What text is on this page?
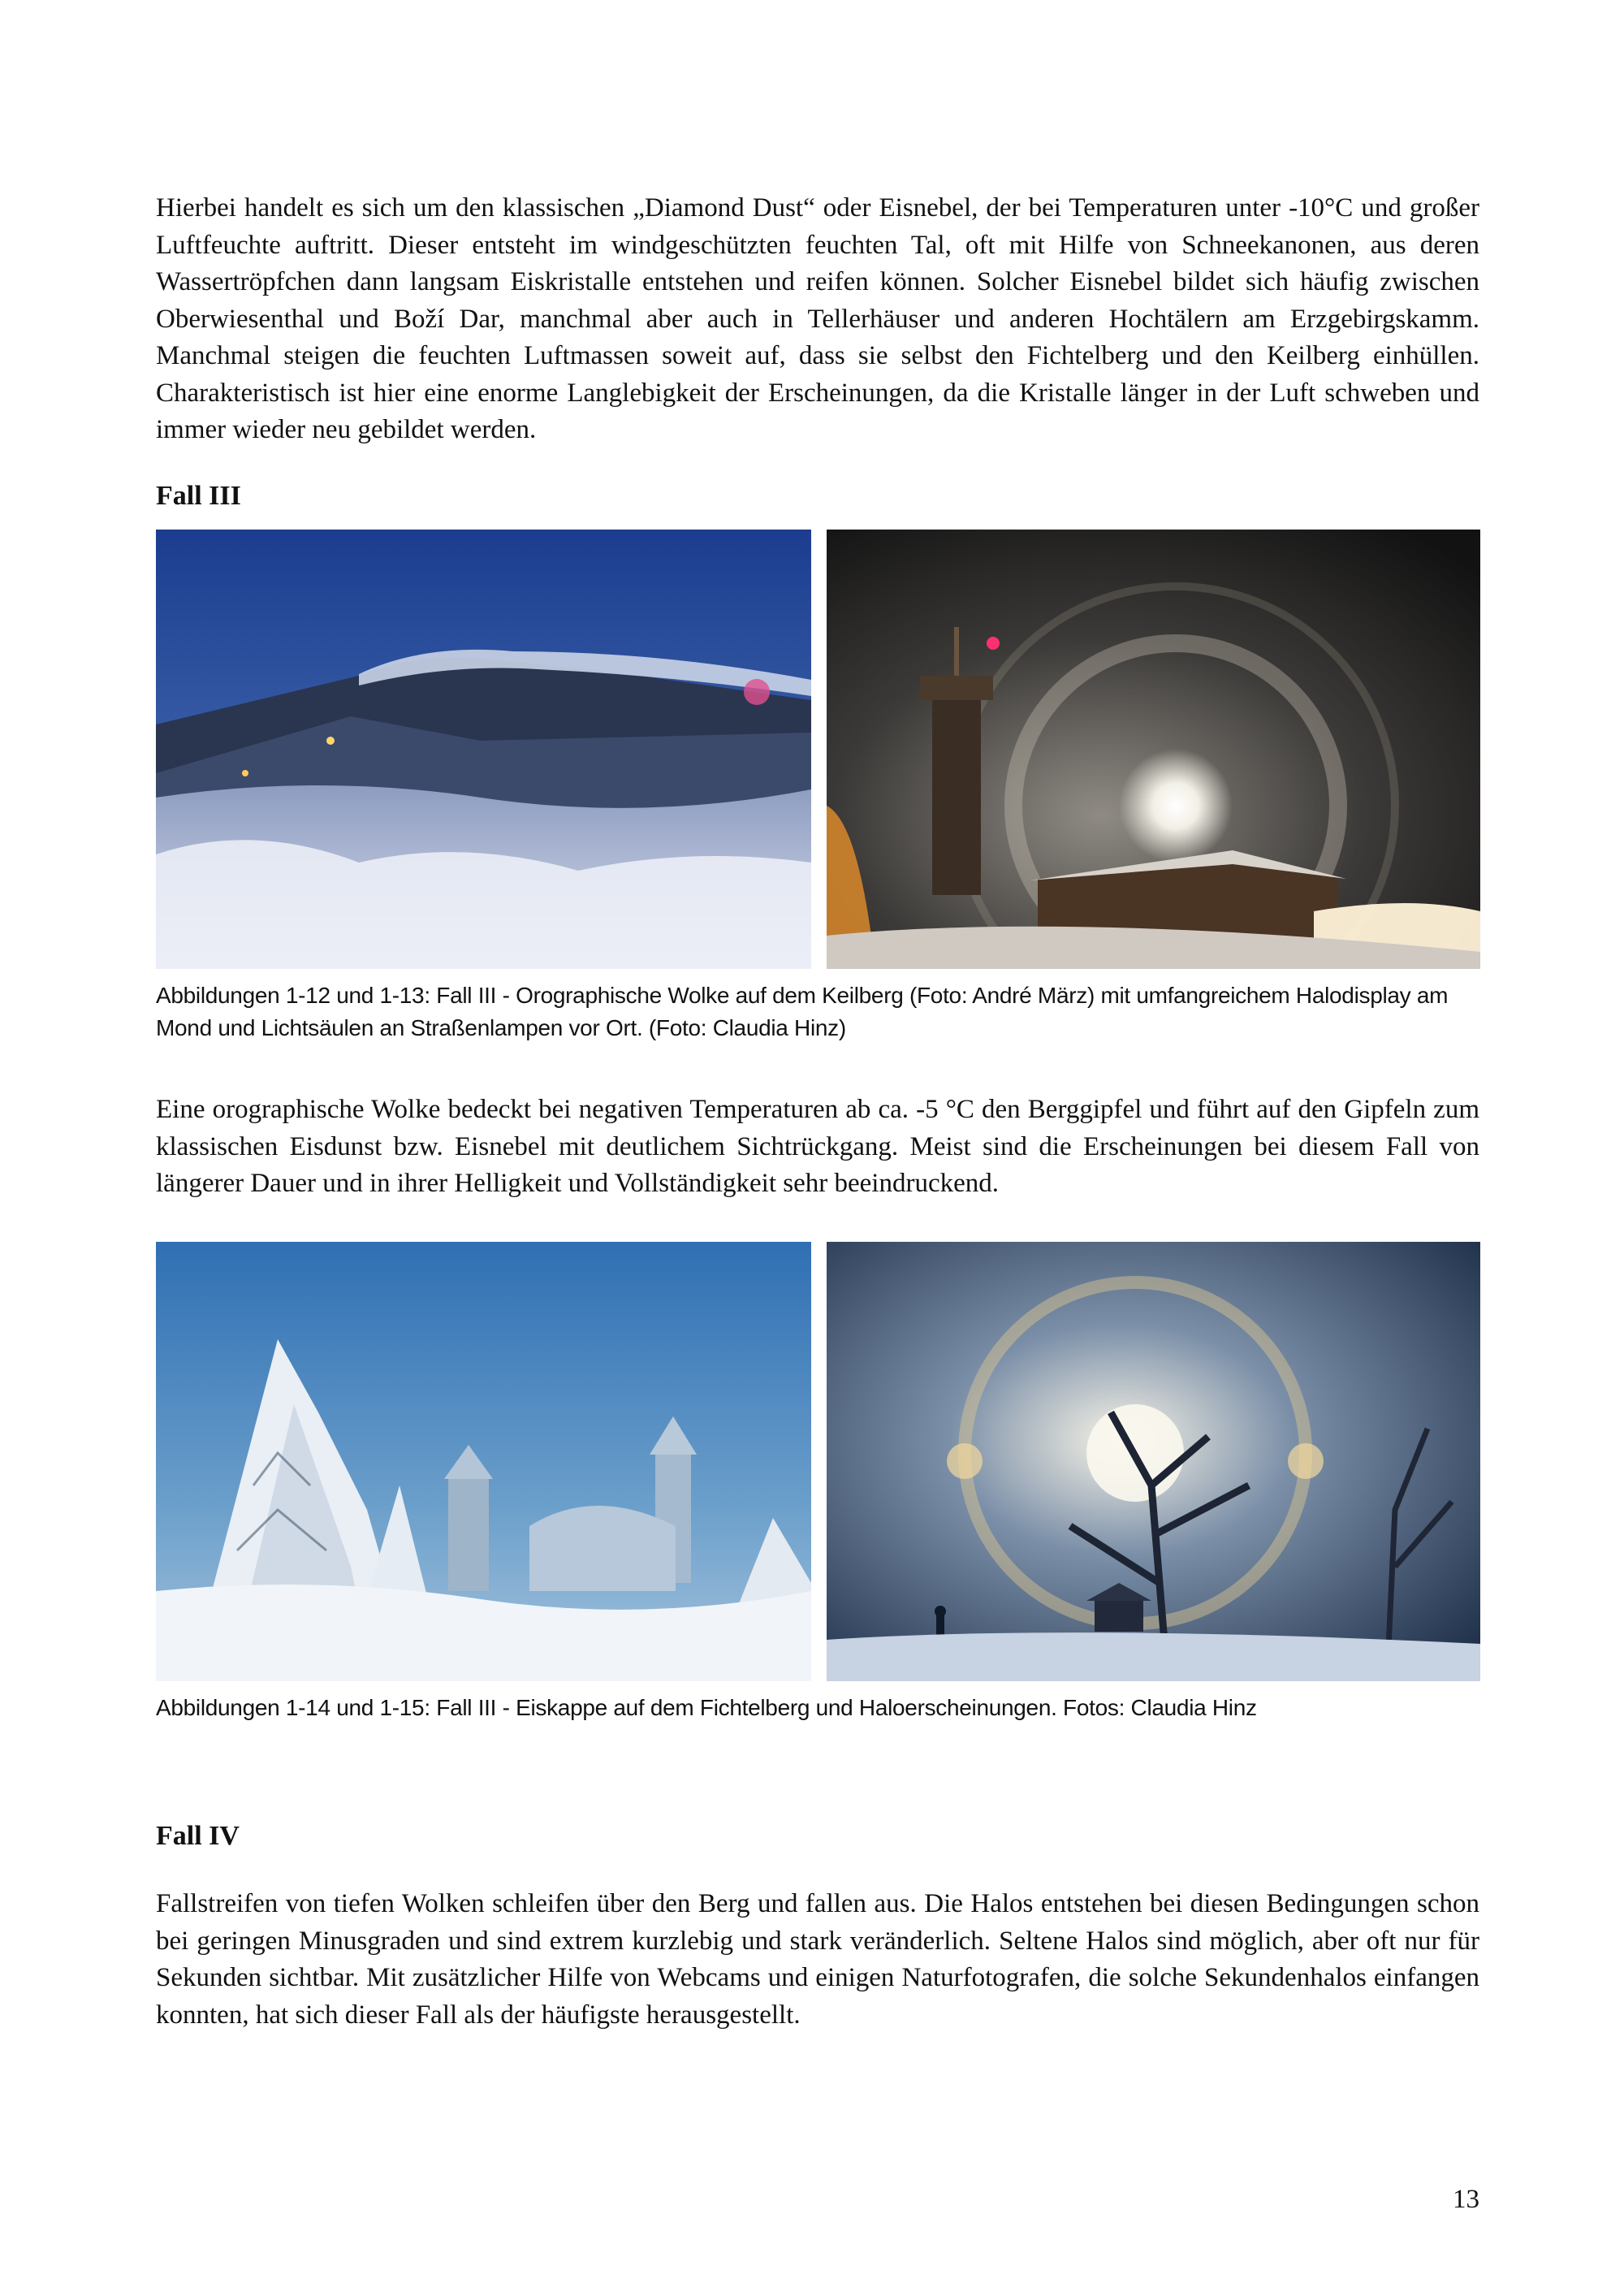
Hierbei handelt es sich um den klassischen „Diamond Dust“ oder Eisnebel, der bei Temperaturen unter -10°C und großer Luftfeuchte auftritt. Dieser entsteht im windgeschützten feuchten Tal, oft mit Hilfe von Schneekanonen, aus deren Wassertröpfchen dann langsam Eiskristalle entstehen und reifen können. Solcher Eisnebel bildet sich häufig zwischen Oberwiesenthal und Boží Dar, manchmal aber auch in Tellerhäuser und anderen Hochtälern am Erzgebirgskamm. Manchmal steigen die feuchten Luftmassen soweit auf, dass sie selbst den Fichtelberg und den Keilberg einhüllen. Charakteristisch ist hier eine enorme Langlebigkeit der Erscheinungen, da die Kristalle länger in der Luft schweben und immer wieder neu gebildet werden.

Fall III

Abbildungen 1-12 und 1-13: Fall III - Orographische Wolke auf dem Keilberg (Foto: André März) mit umfangreichem Halodisplay am Mond und Lichtsäulen an Straßenlampen vor Ort. (Foto: Claudia Hinz)

Eine orographische Wolke bedeckt bei negativen Temperaturen ab ca. -5 °C den Berggipfel und führt auf den Gipfeln zum klassischen Eisdunst bzw. Eisnebel mit deutlichem Sichtrückgang. Meist sind die Erscheinungen bei diesem Fall von längerer Dauer und in ihrer Helligkeit und Vollständigkeit sehr beeindruckend.

Abbildungen 1-14 und 1-15: Fall III - Eiskappe auf dem Fichtelberg und Haloerscheinungen. Fotos: Claudia Hinz

Fall IV

Fallstreifen von tiefen Wolken schleifen über den Berg und fallen aus. Die Halos entstehen bei diesen Bedingungen schon bei geringen Minusgraden und sind extrem kurzlebig und stark veränderlich. Seltene Halos sind möglich, aber oft nur für Sekunden sichtbar. Mit zusätzlicher Hilfe von Webcams und einigen Naturfotografen, die solche Sekundenhalos einfangen konnten, hat sich dieser Fall als der häufigste herausgestellt.

13
